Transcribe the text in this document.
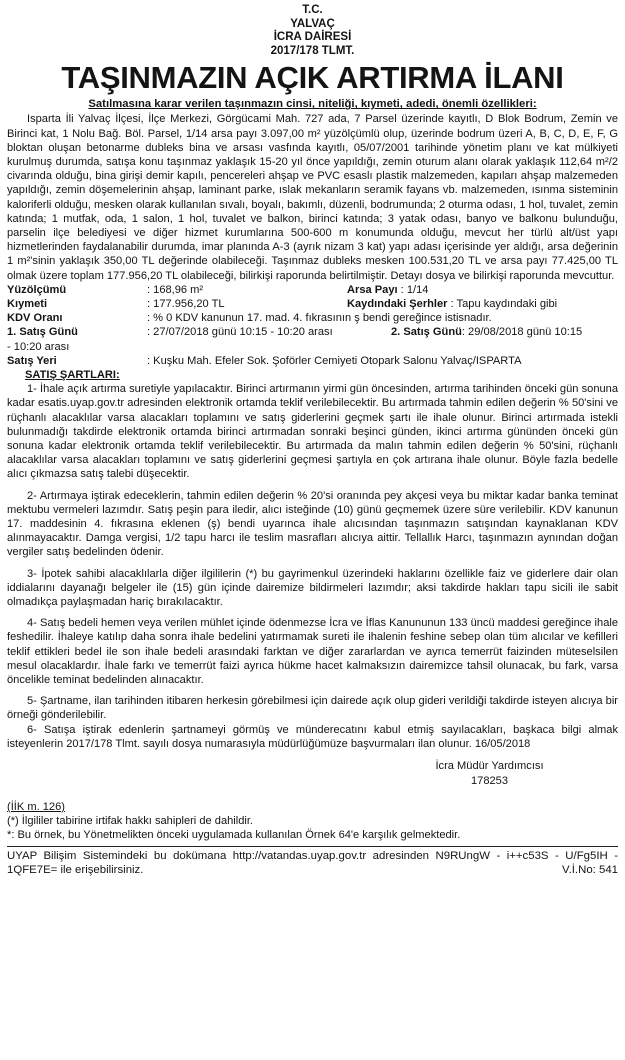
T.C.
YALVAÇ
İCRA DAİRESİ
2017/178 TLMT.
TAŞINMAZIN AÇIK ARTIRMA İLANI
Satılmasına karar verilen taşınmazın cinsi, niteliği, kıymeti, adedi, önemli özellikleri:

Isparta İli Yalvaç İlçesi, İlçe Merkezi, Görgücami Mah. 727 ada, 7 Parsel üzerinde kayıtlı, D Blok Bodrum, Zemin ve Birinci kat, 1 Nolu Bağ. Böl. Parsel, 1/14 arsa payı 3.097,00 m² yüzölçümlü olup, üzerinde bodrum üzeri A, B, C, D, E, F, G bloktan oluşan betonarme dubleks bina ve arsası vasfında kayıtlı, 05/07/2001 tarihinde yönetim planı ve kat mülkiyeti kurulmuş durumda, satışa konu taşınmaz yaklaşık 15-20 yıl önce yapıldığı, zemin oturum alanı olarak yaklaşık 112,64 m²/2 civarında olduğu, bina girişi demir kapılı, pencereleri ahşap ve PVC esaslı plastik malzemeden, kapıları ahşap malzemeden yapıldığı, zemin döşemelerinin ahşap, laminant parke, ıslak mekanların seramik fayans vb. malzemeden, ısınma sisteminin kaloriferli olduğu, mesken olarak kullanılan sıvalı, boyalı, bakımlı, düzenli, bodrumunda; 2 oturma odası, 1 hol, tuvalet, zemin katında; 1 mutfak, oda, 1 salon, 1 hol, tuvalet ve balkon, birinci katında; 3 yatak odası, banyo ve balkonu bulunduğu, parselin ilçe belediyesi ve diğer hizmet kurumlarına 500-600 m konumunda olduğu, mevcut her türlü alt/üst yapı hizmetlerinden faydalanabilir durumda, imar planında A-3 (ayrık nizam 3 kat) yapı adası içerisinde yer aldığı, arsa değerinin 1 m²'sinin yaklaşık 350,00 TL değerinde olabileceği. Taşınmaz dubleks mesken 100.531,20 TL ve arsa payı 77.425,00 TL olmak üzere toplam 177.956,20 TL olabileceği, bilirkişi raporunda belirtilmiştir. Detayı dosya ve bilirkişi raporunda mevcuttur.

Yüzölçümü	: 168,96 m²	Arsa Payı : 1/14
Kıymeti	: 177.956,20 TL	Kaydındaki Şerhler : Tapu kaydındaki gibi
KDV Oranı	: % 0 KDV kanunun 17. mad. 4. fıkrasının ş bendi gereğince istisnadır.
1. Satış Günü	: 27/07/2018 günü 10:15 - 10:20 arası	2. Satış Günü: 29/08/2018 günü 10:15
- 10:20 arası
Satış Yeri	: Kuşku Mah. Efeler Sok. Şoförler Cemiyeti Otopark Salonu Yalvaç/ISPARTA
SATIŞ ŞARTLARI:

1- İhale açık artırma suretiyle yapılacaktır. Birinci artırmanın yirmi gün öncesinden, artırma tarihinden önceki gün sonuna kadar esatis.uyap.gov.tr adresinden elektronik ortamda teklif verilebilecektir. Bu artırmada tahmin edilen değerin % 50'sini ve rüçhanlı alacaklılar varsa alacakları toplamını ve satış giderlerini geçmek şartı ile ihale olunur. Birinci artırmada istekli bulunmadığı takdirde elektronik ortamda birinci artırmadan sonraki beşinci günden, ikinci artırma gününden önceki gün sonuna kadar elektronik ortamda teklif verilebilecektir. Bu artırmada da malın tahmin edilen değerin % 50'sini, rüçhanlı alacaklılar varsa alacakları toplamını ve satış giderlerini geçmesi şartıyla en çok artırana ihale olunur. Böyle fazla bedelle alıcı çıkmazsa satış talebi düşecektir.

2- Artırmaya iştirak edeceklerin, tahmin edilen değerin % 20'si oranında pey akçesi veya bu miktar kadar banka teminat mektubu vermeleri lazımdır. Satış peşin para iledir, alıcı isteğinde (10) günü geçmemek üzere süre verilebilir. KDV kanunun 17. maddesinin 4. fıkrasına eklenen (ş) bendi uyarınca ihale alıcısından taşınmazın satışından kaynaklanan KDV alınmayacaktır. Damga vergisi, 1/2 tapu harcı ile teslim masrafları alıcıya aittir. Tellallık Harcı, taşınmazın aynından doğan vergiler satış bedelinden ödenir.

3- İpotek sahibi alacaklılarla diğer ilgililerin (*) bu gayrimenkul üzerindeki haklarını özellikle faiz ve giderlere dair olan iddialarını dayanağı belgeler ile (15) gün içinde dairemize bildirmeleri lazımdır; aksi takdirde hakları tapu sicili ile sabit olmadıkça paylaşmadan hariç bırakılacaktır.

4- Satış bedeli hemen veya verilen mühlet içinde ödenmezse İcra ve İflas Kanununun 133 üncü maddesi gereğince ihale feshedilir. İhaleye katılıp daha sonra ihale bedelini yatırmamak sureti ile ihalenin feshine sebep olan tüm alıcılar ve kefilleri teklif ettikleri bedel ile son ihale bedeli arasındaki farktan ve diğer zararlardan ve ayrıca temerrüt faizinden müteselsilen mesul olacaklardır. İhale farkı ve temerrüt faizi ayrıca hükme hacet kalmaksızın dairemizce tahsil olunacak, bu fark, varsa öncelikle teminat bedelinden alınacaktır.

5- Şartname, ilan tarihinden itibaren herkesin görebilmesi için dairede açık olup gideri verildiği takdirde isteyen alıcıya bir örneği gönderilebilir.

6- Satışa iştirak edenlerin şartnameyi görmüş ve münderecatını kabul etmiş sayılacakları, başkaca bilgi almak isteyenlerin 2017/178 Tlmt. sayılı dosya numarasıyla müdürlüğümüze başvurmaları ilan olunur. 16/05/2018

İcra Müdür Yardımcısı
178253
(İİK m. 126)
(*) İlgililer tabirine irtifak hakkı sahipleri de dahildir.
*: Bu örnek, bu Yönetmelikten önceki uygulamada kullanılan Örnek 64'e karşılık gelmektedir.
UYAP Bilişim Sistemindeki bu dokümana http://vatandas.uyap.gov.tr adresinden N9RUngW - i++c53S - U/Fg5IH - 1QFE7E= ile erişebilirsiniz.	V.İ.No: 541
